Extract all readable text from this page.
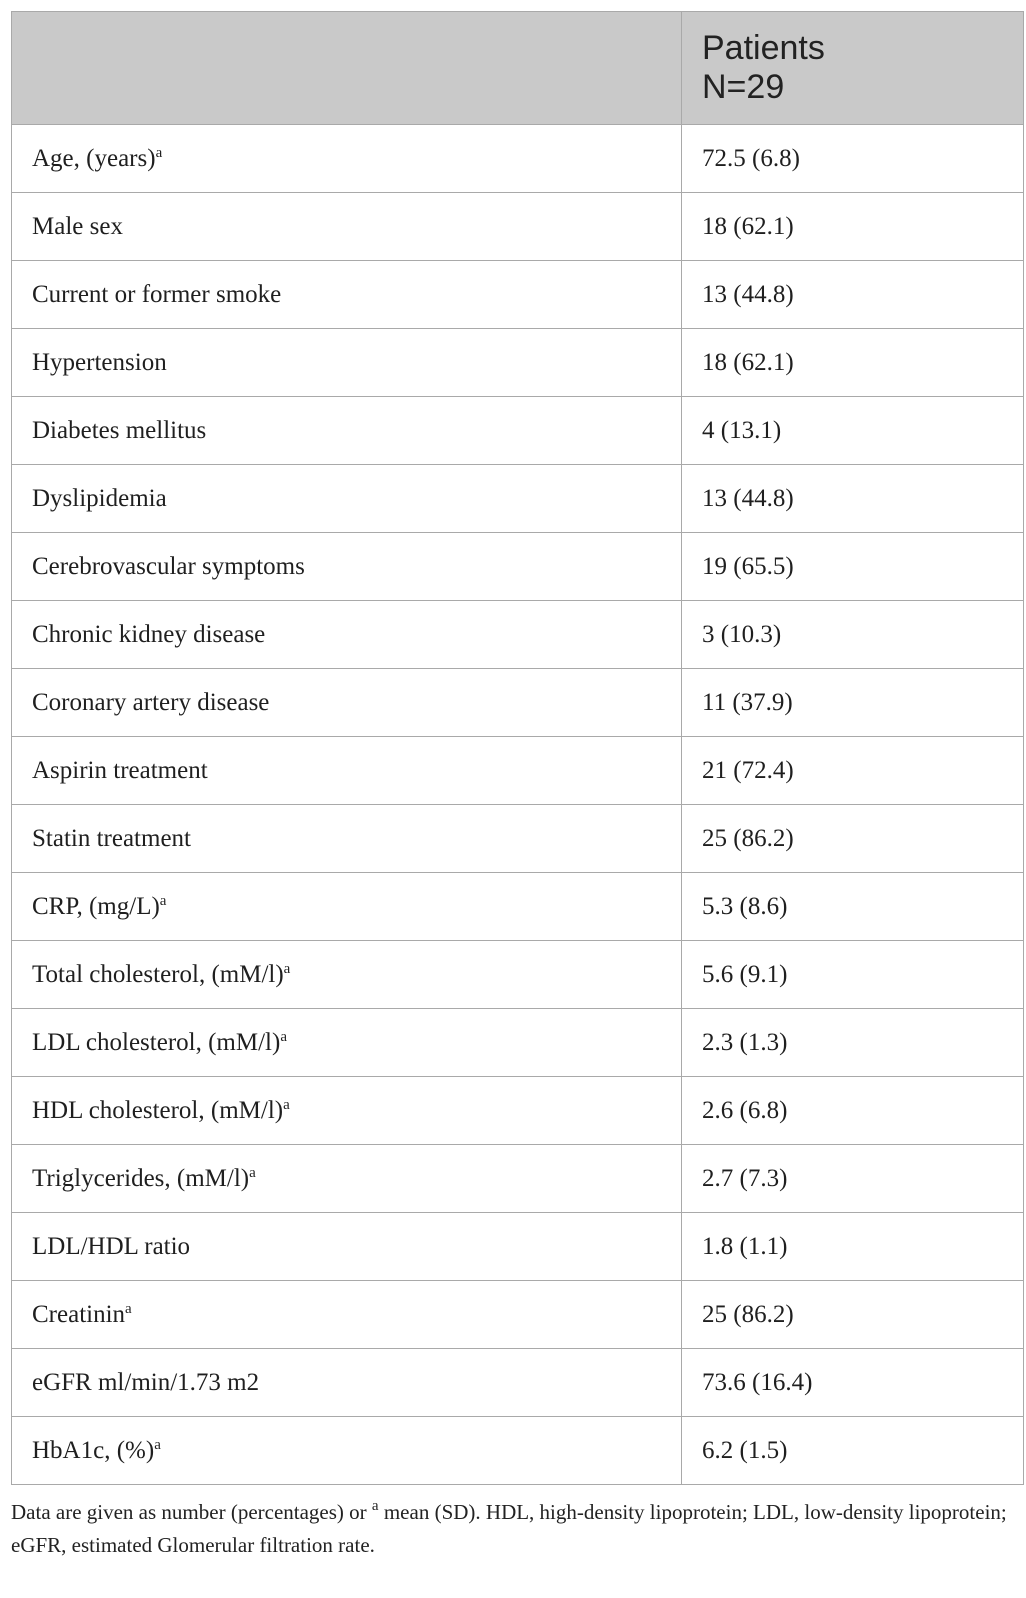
	Patients
N=29

Age, (years)$^a$	72.5 (6.8)
Male sex	18 (62.1)
Current or former smoke	13 (44.8)
Hypertension	18 (62.1)
Diabetes mellitus	4 (13.1)
Dyslipidemia	13 (44.8)
Cerebrovascular symptoms	19 (65.5)
Chronic kidney disease	3 (10.3)
Coronary artery disease	11 (37.9)
Aspirin treatment	21 (72.4)
Statin treatment	25 (86.2)
CRP, $(mg/L)^a$	5.3 (8.6)
Total cholesterol, $(mM/l)^a$	5.6 (9.1)
LDL cholesterol, $(mM/l)^a$	2.3 (1.3)
HDL cholesterol, $(mM/l)^a$	2.6 (6.8)
Triglycerides, $(mM/l)^a$	2.7 (7.3)
LDL/HDL ratio	1.8 (1.1)
Creatinin$^a$	25 (86.2)
eGFR ml/min/1.73 m2	73.6 (16.4)
HbA1c, (%)$^a$	6.2 (1.5)
Data are given as number (percentages) or $^a$ mean (SD). HDL, high-density lipoprotein; LDL, low-density lipoprotein; eGFR, estimated Glomerular filtration rate.
